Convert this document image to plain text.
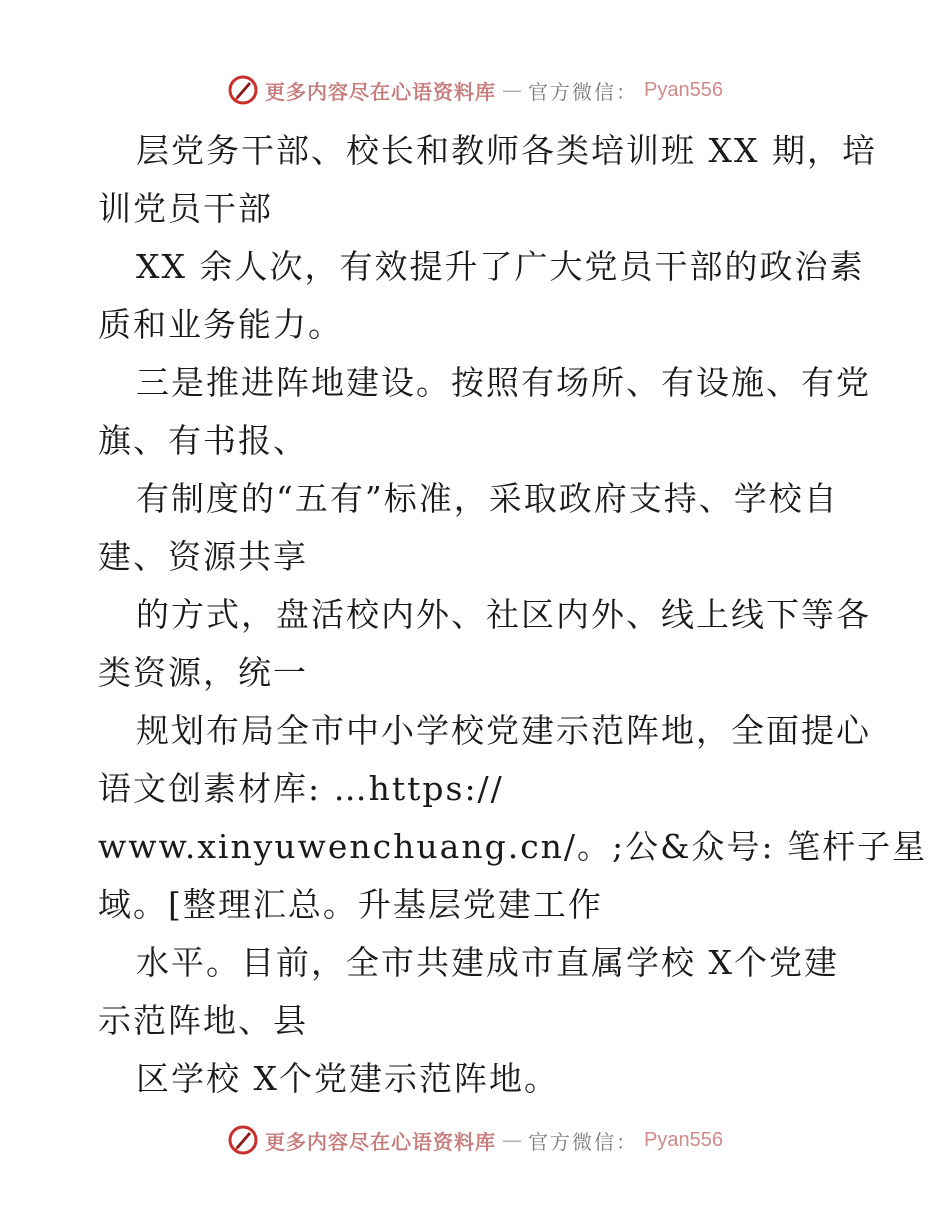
更多内容尽在心语资料库 — 官方微信： Pyan556
层党务干部、校长和教师各类培训班 XX 期，培
训党员干部
XX 余人次，有效提升了广大党员干部的政治素
质和业务能力。
三是推进阵地建设。按照有场所、有设施、有党
旗、有书报、
有制度的“五有”标准，采取政府支持、学校自
建、资源共享
的方式，盘活校内外、社区内外、线上线下等各
类资源，统一
规划布局全市中小学校党建示范阵地，全面提心
语文创素材库: …https://
www.xinyuwenchuang.cn/。;公&众号: 笔杆子星
域。[整理汇总。升基层党建工作
水平。目前，全市共建成市直属学校 X个党建
示范阵地、县
区学校 X个党建示范阵地。
更多内容尽在心语资料库 — 官方微信： Pyan556
